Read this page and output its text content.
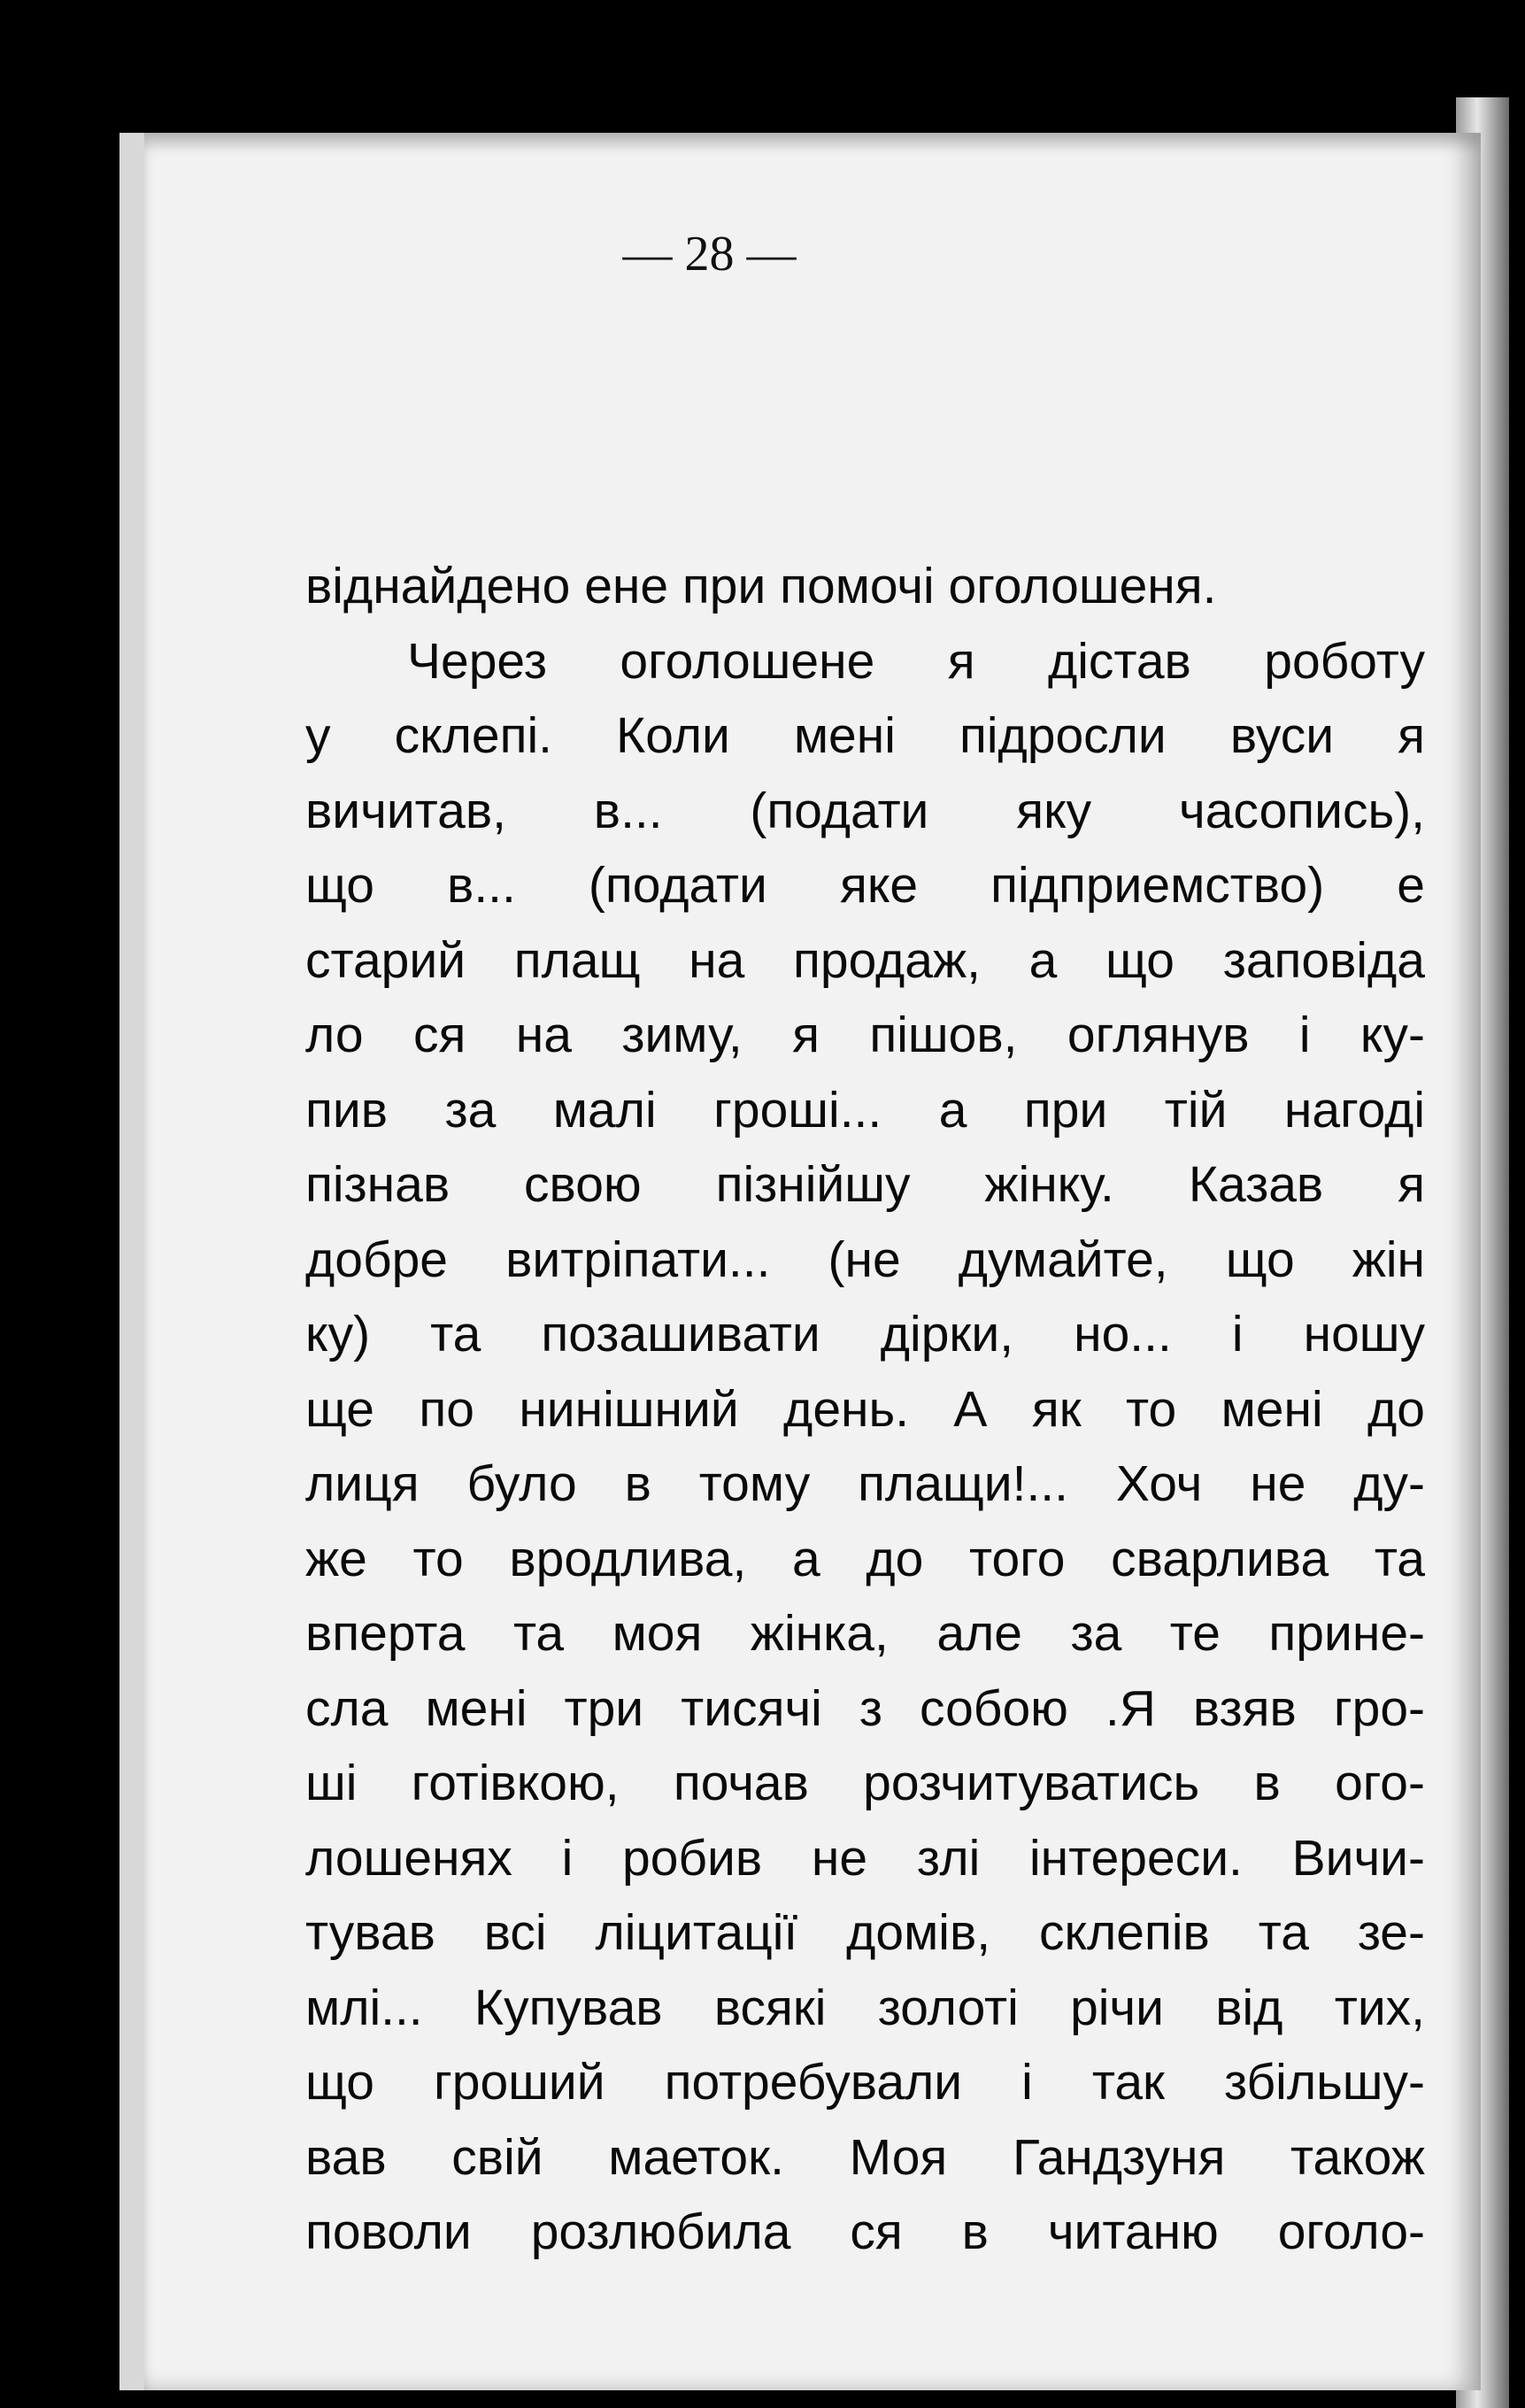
— 28 —
віднайдено ене при помочі оголошеня.
Через оголошене я дістав роботу
у склепі. Коли мені підросли вуси я
вичитав, в... (подати яку часопись),
що в... (подати яке підприемство) е
старий плащ на продаж, а що заповіда
ло ся на зиму, я пішов, оглянув і ку-
пив за малі гроші... а при тій нагоді
пізнав свою пізнійшу жінку. Казав я
добре витріпати... (не думайте, що жін
ку) та позашивати дірки, но... і ношу
ще по нинішний день. А як то мені до
лиця було в тому плащи!... Хоч не ду-
же то вродлива, а до того сварлива та
вперта та моя жінка, але за те прине-
сла мені три тисячі з собою .Я взяв гро-
ші готівкою, почав розчитуватись в ого-
лошенях і робив не злі інтереси. Вичи-
тував всі ліцитації домів, склепів та зе-
млі... Купував всякі золоті річи від тих,
що гроший потребували і так збільшу-
вав свій маеток. Моя Гандзуня також
поволи розлюбила ся в читаню оголо-
